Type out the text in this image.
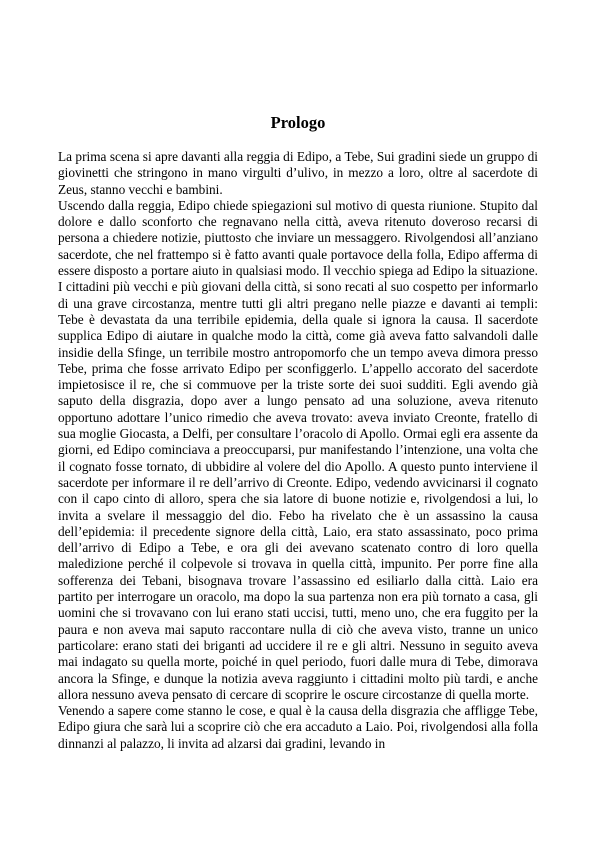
Prologo

La prima scena si apre davanti alla reggia di Edipo, a Tebe, Sui gradini siede un gruppo di giovinetti che stringono in mano virgulti d’ulivo, in mezzo a loro, oltre al sacerdote di Zeus, stanno vecchi e bambini.

Uscendo dalla reggia, Edipo chiede spiegazioni sul motivo di questa riunione. Stupito dal dolore e dallo sconforto che regnavano nella città, aveva ritenuto doveroso recarsi di persona a chiedere notizie, piuttosto che inviare un messaggero. Rivolgendosi all’anziano sacerdote, che nel frattempo si è fatto avanti quale portavoce della folla, Edipo afferma di essere disposto a portare aiuto in qualsiasi modo. Il vecchio spiega ad Edipo la situazione. I cittadini più vecchi e più giovani della città, si sono recati al suo cospetto per informarlo di una grave circostanza, mentre tutti gli altri pregano nelle piazze e davanti ai templi: Tebe è devastata da una terribile epidemia, della quale si ignora la causa. Il sacerdote supplica Edipo di aiutare in qualche modo la città, come già aveva fatto salvandoli dalle insidie della Sfinge, un terribile mostro antropomorfo che un tempo aveva dimora presso Tebe, prima che fosse arrivato Edipo per sconfiggerlo. L’appello accorato del sacerdote impietosisce il re, che si commuove per la triste sorte dei suoi sudditi. Egli avendo già saputo della disgrazia, dopo aver a lungo pensato ad una soluzione, aveva ritenuto opportuno adottare l’unico rimedio che aveva trovato: aveva inviato Creonte, fratello di sua moglie Giocasta, a Delfi, per consultare l’oracolo di Apollo. Ormai egli era assente da giorni, ed Edipo cominciava a preoccuparsi, pur manifestando l’intenzione, una volta che il cognato fosse tornato, di ubbidire al volere del dio Apollo. A questo punto interviene il sacerdote per informare il re dell’arrivo di Creonte. Edipo, vedendo avvicinarsi il cognato con il capo cinto di alloro, spera che sia latore di buone notizie e, rivolgendosi a lui, lo invita a svelare il messaggio del dio. Febo ha rivelato che è un assassino la causa dell’epidemia: il precedente signore della città, Laio, era stato assassinato, poco prima dell’arrivo di Edipo a Tebe, e ora gli dei avevano scatenato contro di loro quella maledizione perché il colpevole si trovava in quella città, impunito. Per porre fine alla sofferenza dei Tebani, bisognava trovare l’assassino ed esiliarlo dalla città. Laio era partito per interrogare un oracolo, ma dopo la sua partenza non era più tornato a casa, gli uomini che si trovavano con lui erano stati uccisi, tutti, meno uno, che era fuggito per la paura e non aveva mai saputo raccontare nulla di ciò che aveva visto, tranne un unico particolare: erano stati dei briganti ad uccidere il re e gli altri. Nessuno in seguito aveva mai indagato su quella morte, poiché in quel periodo, fuori dalle mura di Tebe, dimorava ancora la Sfinge, e dunque la notizia aveva raggiunto i cittadini molto più tardi, e anche allora nessuno aveva pensato di cercare di scoprire le oscure circostanze di quella morte.

Venendo a sapere come stanno le cose, e qual è la causa della disgrazia che affligge Tebe, Edipo giura che sarà lui a scoprire ciò che era accaduto a Laio. Poi, rivolgendosi alla folla dinnanzi al palazzo, li invita ad alzarsi dai gradini, levando in
